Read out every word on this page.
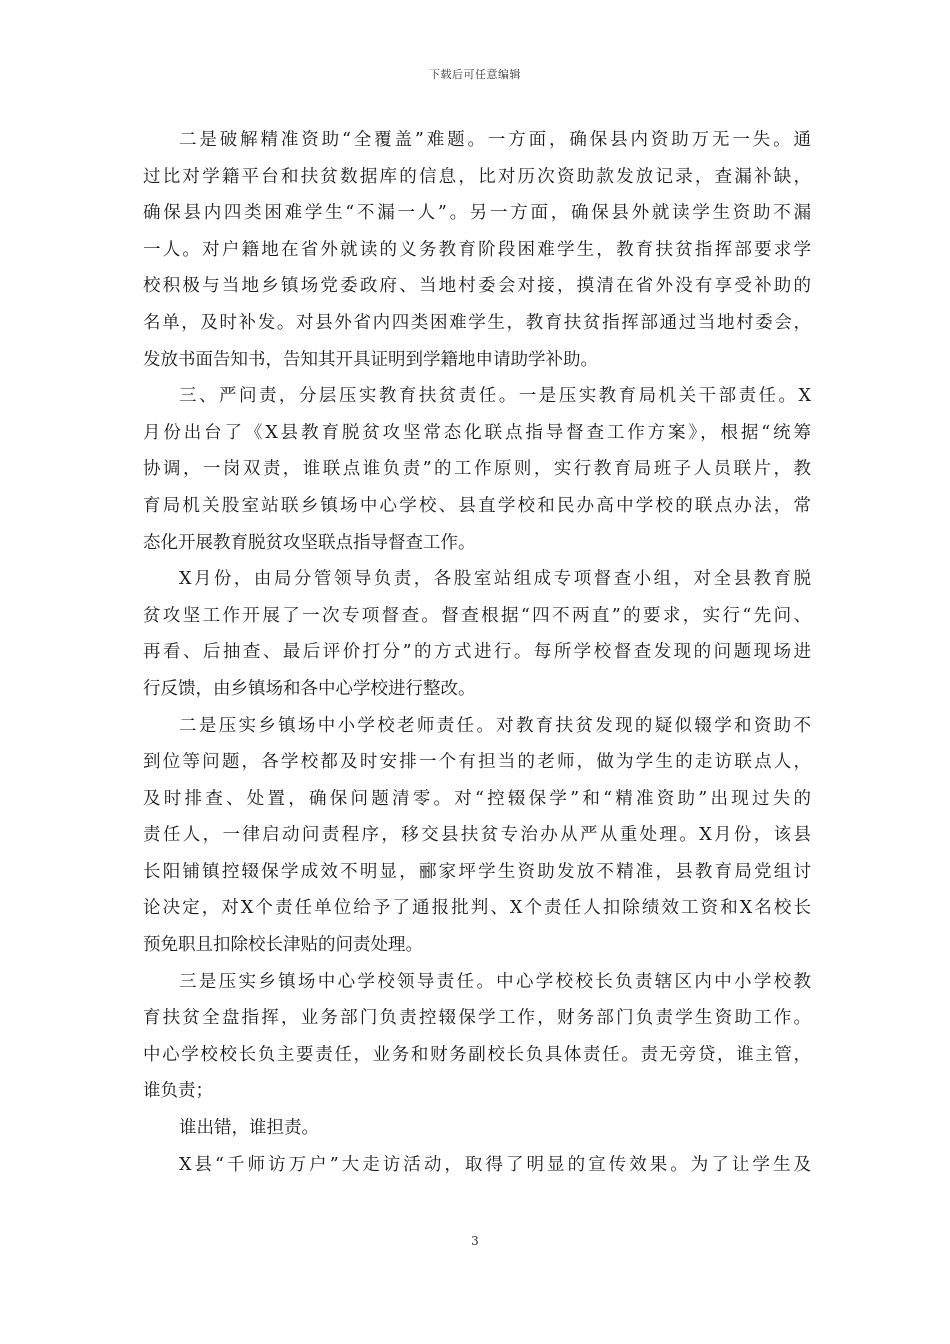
下载后可任意编辑
二是破解精准资助“全覆盖”难题。一方面，确保县内资助万无一失。通
过比对学籍平台和扶贫数据库的信息，比对历次资助款发放记录，查漏补缺，
确保县内四类困难学生“不漏一人”。另一方面，确保县外就读学生资助不漏
一人。对户籍地在省外就读的义务教育阶段困难学生，教育扶贫指挥部要求学
校积极与当地乡镇场党委政府、当地村委会对接，摸清在省外没有享受补助的
名单，及时补发。对县外省内四类困难学生，教育扶贫指挥部通过当地村委会，
发放书面告知书，告知其开具证明到学籍地申请助学补助。
三、严问责，分层压实教育扶贫责任。一是压实教育局机关干部责任。X
月份出台了《X县教育脱贫攻坚常态化联点指导督查工作方案》，根据“统筹
协调，一岗双责，谁联点谁负责”的工作原则，实行教育局班子人员联片，教
育局机关股室站联乡镇场中心学校、县直学校和民办高中学校的联点办法，常
态化开展教育脱贫攻坚联点指导督查工作。
X月份，由局分管领导负责，各股室站组成专项督查小组，对全县教育脱
贫攻坚工作开展了一次专项督查。督查根据“四不两直”的要求，实行“先问、
再看、后抽查、最后评价打分”的方式进行。每所学校督查发现的问题现场进
行反馈，由乡镇场和各中心学校进行整改。
二是压实乡镇场中小学校老师责任。对教育扶贫发现的疑似辍学和资助不
到位等问题，各学校都及时安排一个有担当的老师，做为学生的走访联点人，
及时排查、处置，确保问题清零。对“控辍保学”和“精准资助”出现过失的
责任人，一律启动问责程序，移交县扶贫专治办从严从重处理。X月份，该县
长阳铺镇控辍保学成效不明显，郦家坪学生资助发放不精准，县教育局党组讨
论决定，对X个责任单位给予了通报批判、X个责任人扣除绩效工资和X名校长
预免职且扣除校长津贴的问责处理。
三是压实乡镇场中心学校领导责任。中心学校校长负责辖区内中小学校教
育扶贫全盘指挥，业务部门负责控辍保学工作，财务部门负责学生资助工作。
中心学校校长负主要责任，业务和财务副校长负具体责任。责无旁贷，谁主管，
谁负责；
谁出错，谁担责。
X县“千师访万户”大走访活动，取得了明显的宣传效果。为了让学生及
3
